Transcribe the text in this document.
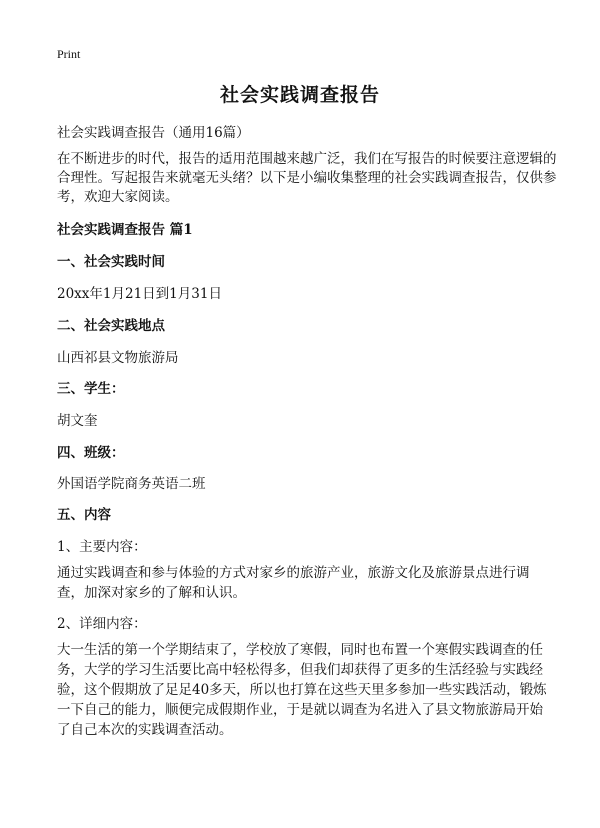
Print
社会实践调查报告
社会实践调查报告（通用16篇）
在不断进步的时代，报告的适用范围越来越广泛，我们在写报告的时候要注意逻辑的合理性。写起报告来就毫无头绪？以下是小编收集整理的社会实践调查报告，仅供参考，欢迎大家阅读。
社会实践调查报告 篇1
一、社会实践时间
20xx年1月21日到1月31日
二、社会实践地点
山西祁县文物旅游局
三、学生：
胡文奎
四、班级：
外国语学院商务英语二班
五、内容
1、主要内容：
通过实践调查和参与体验的方式对家乡的旅游产业，旅游文化及旅游景点进行调查，加深对家乡的了解和认识。
2、详细内容：
大一生活的第一个学期结束了，学校放了寒假，同时也布置一个寒假实践调查的任务，大学的学习生活要比高中轻松得多，但我们却获得了更多的生活经验与实践经验，这个假期放了足足40多天，所以也打算在这些天里多参加一些实践活动，锻炼一下自己的能力，顺便完成假期作业，于是就以调查为名进入了县文物旅游局开始了自己本次的实践调查活动。
